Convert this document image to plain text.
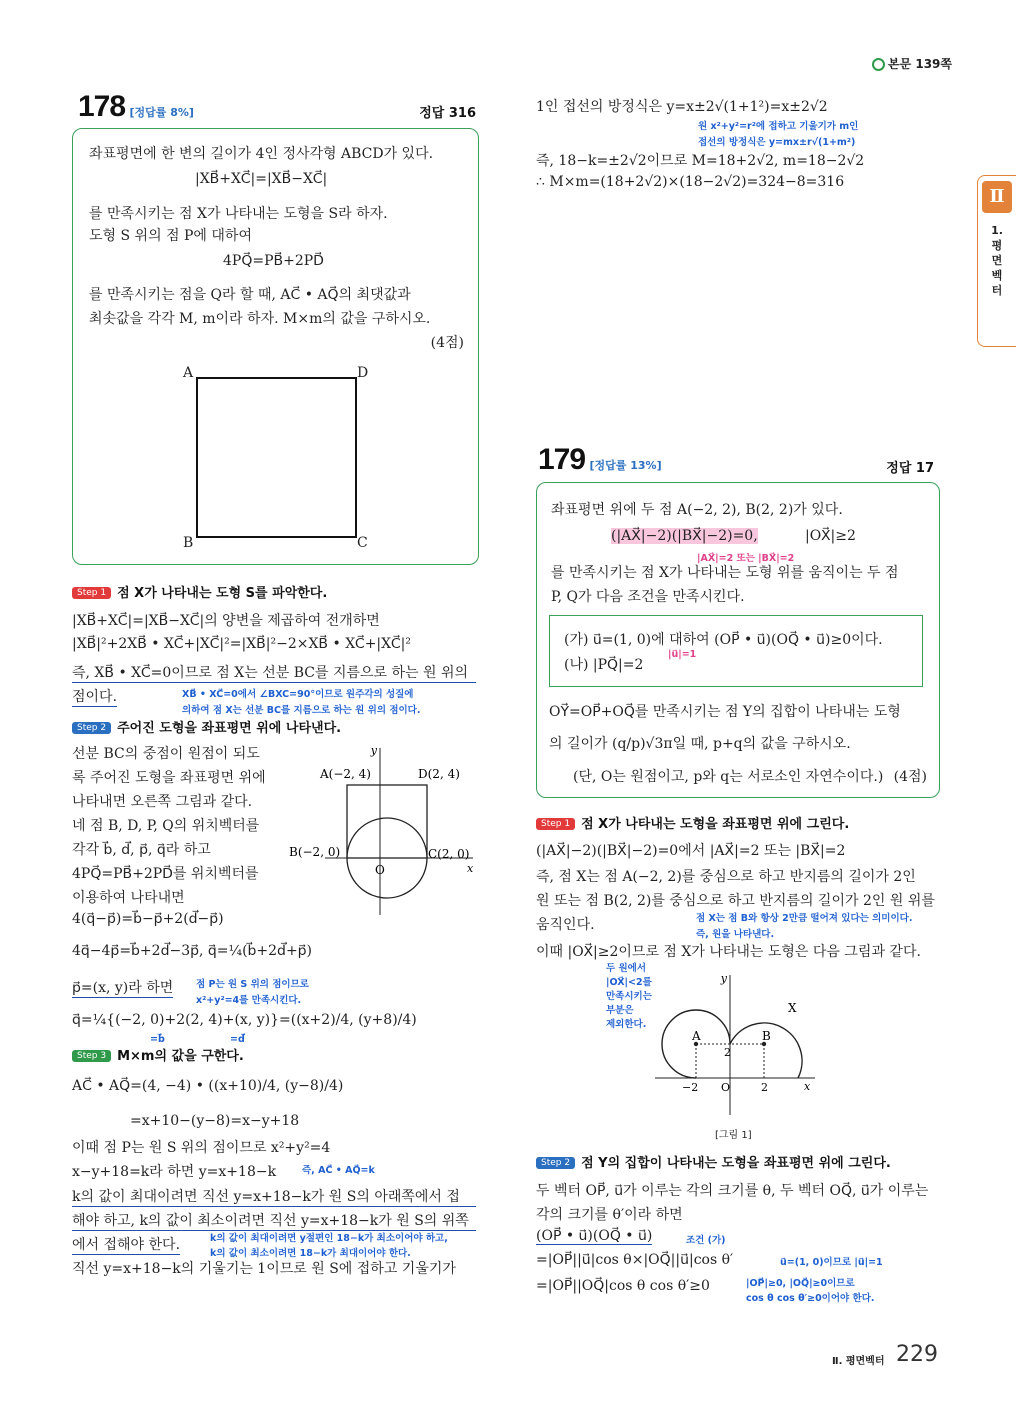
본문 139쪽
Ⅱ
1. 평면벡터
178 [정답률 8%]	정답 316
좌표평면에 한 변의 길이가 4인 정사각형 ABCD가 있다.
|XB⃗+XC⃗|=|XB⃗−XC⃗|
를 만족시키는 점 X가 나타내는 도형을 S라 하자.
도형 S 위의 점 P에 대하여
4PQ⃗=PB⃗+2PD⃗
를 만족시키는 점을 Q라 할 때, AC⃗ • AQ⃗의 최댓값과
최솟값을 각각 M, m이라 하자. M×m의 값을 구하시오.
(4점)
A	D
B	C
Step 1 점 X가 나타내는 도형 S를 파악한다.
|XB⃗+XC⃗|=|XB⃗−XC⃗|의 양변을 제곱하여 전개하면
|XB⃗|²+2XB⃗ • XC⃗+|XC⃗|²=|XB⃗|²−2×XB⃗ • XC⃗+|XC⃗|²
즉, XB⃗ • XC⃗=0이므로 점 X는 선분 BC를 지름으로 하는 원 위의
점이다.	XB⃗ • XC⃗=0에서 ∠BXC=90°이므로 원주각의 성질에
의하여 점 X는 선분 BC를 지름으로 하는 원 위의 점이다.
Step 2 주어진 도형을 좌표평면 위에 나타낸다.
선분 BC의 중점이 원점이 되도
록 주어진 도형을 좌표평면 위에
나타내면 오른쪽 그림과 같다.
네 점 B, D, P, Q의 위치벡터를
각각 b⃗, d⃗, p⃗, q⃗라 하고
4PQ⃗=PB⃗+2PD⃗를 위치벡터를
이용하여 나타내면
4(q⃗−p⃗)=b⃗−p⃗+2(d⃗−p⃗)
4q⃗−4p⃗=b⃗+2d⃗−3p⃗, q⃗=¼(b⃗+2d⃗+p⃗)
p⃗=(x, y)라 하면 점 P는 원 S 위의 점이므로
x²+y²=4를 만족시킨다.
q⃗=¼{(−2, 0)+2(2, 4)+(x, y)}=((x+2)/4, (y+8)/4)
=b⃗	=d⃗
y
A(−2, 4)	D(2, 4)
B(−2, 0)	C(2, 0)
O	x
Step 3 M×m의 값을 구한다.
AC⃗ • AQ⃗=(4, −4) • ((x+10)/4, (y−8)/4)
=x+10−(y−8)=x−y+18
이때 점 P는 원 S 위의 점이므로 x²+y²=4
x−y+18=k라 하면 y=x+18−k	즉, AC⃗ • AQ⃗=k
k의 값이 최대이려면 직선 y=x+18−k가 원 S의 아래쪽에서 접
해야 하고, k의 값이 최소이려면 직선 y=x+18−k가 원 S의 위쪽
에서 접해야 한다.	k의 값이 최대이려면 y절편인 18−k가 최소이어야 하고,
k의 값이 최소이려면 18−k가 최대이어야 한다.
직선 y=x+18−k의 기울기는 1이므로 원 S에 접하고 기울기가
1인 접선의 방정식은 y=x±2√(1+1²)=x±2√2
원 x²+y²=r²에 접하고 기울기가 m인
접선의 방정식은 y=mx±r√(1+m²)
즉, 18−k=±2√2이므로 M=18+2√2, m=18−2√2
∴ M×m=(18+2√2)×(18−2√2)=324−8=316
179 [정답률 13%]	정답 17
좌표평면 위에 두 점 A(−2, 2), B(2, 2)가 있다.
(|AX⃗|−2)(|BX⃗|−2)=0,	|OX⃗|≥2
|AX⃗|=2 또는 |BX⃗|=2
를 만족시키는 점 X가 나타내는 도형 위를 움직이는 두 점
P, Q가 다음 조건을 만족시킨다.
(가) u⃗=(1, 0)에 대하여 (OP⃗ • u⃗)(OQ⃗ • u⃗)≥0이다.
|u⃗|=1
(나) |PQ⃗|=2
OY⃗=OP⃗+OQ⃗를 만족시키는 점 Y의 집합이 나타내는 도형
의 길이가 (q/p)√3π일 때, p+q의 값을 구하시오.
(단, O는 원점이고, p와 q는 서로소인 자연수이다.) (4점)
Step 1 점 X가 나타내는 도형을 좌표평면 위에 그린다.
(|AX⃗|−2)(|BX⃗|−2)=0에서 |AX⃗|=2 또는 |BX⃗|=2
즉, 점 X는 점 A(−2, 2)를 중심으로 하고 반지름의 길이가 2인
원 또는 점 B(2, 2)를 중심으로 하고 반지름의 길이가 2인 원 위를
움직인다.	점 X는 점 B와 항상 2만큼 떨어져 있다는 의미이다.
즉, 원을 나타낸다.
이때 |OX⃗|≥2이므로 점 X가 나타내는 도형은 다음 그림과 같다.
두 원에서
|OX⃗|<2를
만족시키는
부분은
제외한다.
A	B
X
y
2
O
−2	2	x
[그림 1]
Step 2 점 Y의 집합이 나타내는 도형을 좌표평면 위에 그린다.
두 벡터 OP⃗, u⃗가 이루는 각의 크기를 θ, 두 벡터 OQ⃗, u⃗가 이루는
각의 크기를 θ′이라 하면
(OP⃗ • u⃗)(OQ⃗ • u⃗)	조건 (가)
=|OP⃗||u⃗|cos θ×|OQ⃗||u⃗|cos θ′	u⃗=(1, 0)이므로 |u⃗|=1
=|OP⃗||OQ⃗|cos θ cos θ′≥0	|OP⃗|≥0, |OQ⃗|≥0이므로
cos θ cos θ′≥0이어야 한다.
Ⅱ. 평면벡터 229
